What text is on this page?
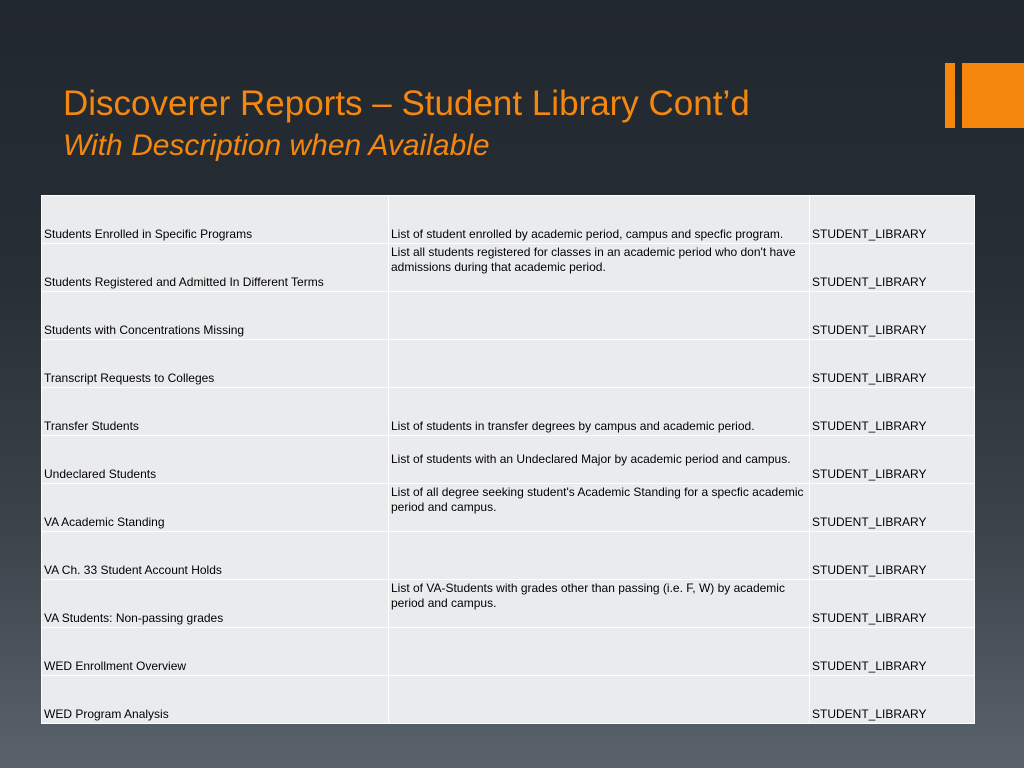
Discoverer Reports – Student Library Cont’d
With Description when Available
Students Enrolled in Specific Programs	List of student enrolled by academic period, campus and specfic program.	STUDENT_LIBRARY
Students Registered and Admitted In Different Terms	List all students registered for classes in an academic period who don't have admissions during that academic period.	STUDENT_LIBRARY
Students with Concentrations Missing		STUDENT_LIBRARY
Transcript Requests to Colleges		STUDENT_LIBRARY
Transfer Students	List of students in transfer degrees by campus and academic period.	STUDENT_LIBRARY
Undeclared Students	List of students with an Undeclared Major by academic period and campus.	STUDENT_LIBRARY
VA Academic Standing	List of all degree seeking student's Academic Standing for a specfic academic period and campus.	STUDENT_LIBRARY
VA Ch. 33 Student Account Holds		STUDENT_LIBRARY
VA Students: Non-passing grades	List of VA-Students with grades other than passing (i.e. F, W) by academic period and campus.	STUDENT_LIBRARY
WED Enrollment Overview		STUDENT_LIBRARY
WED Program Analysis		STUDENT_LIBRARY
